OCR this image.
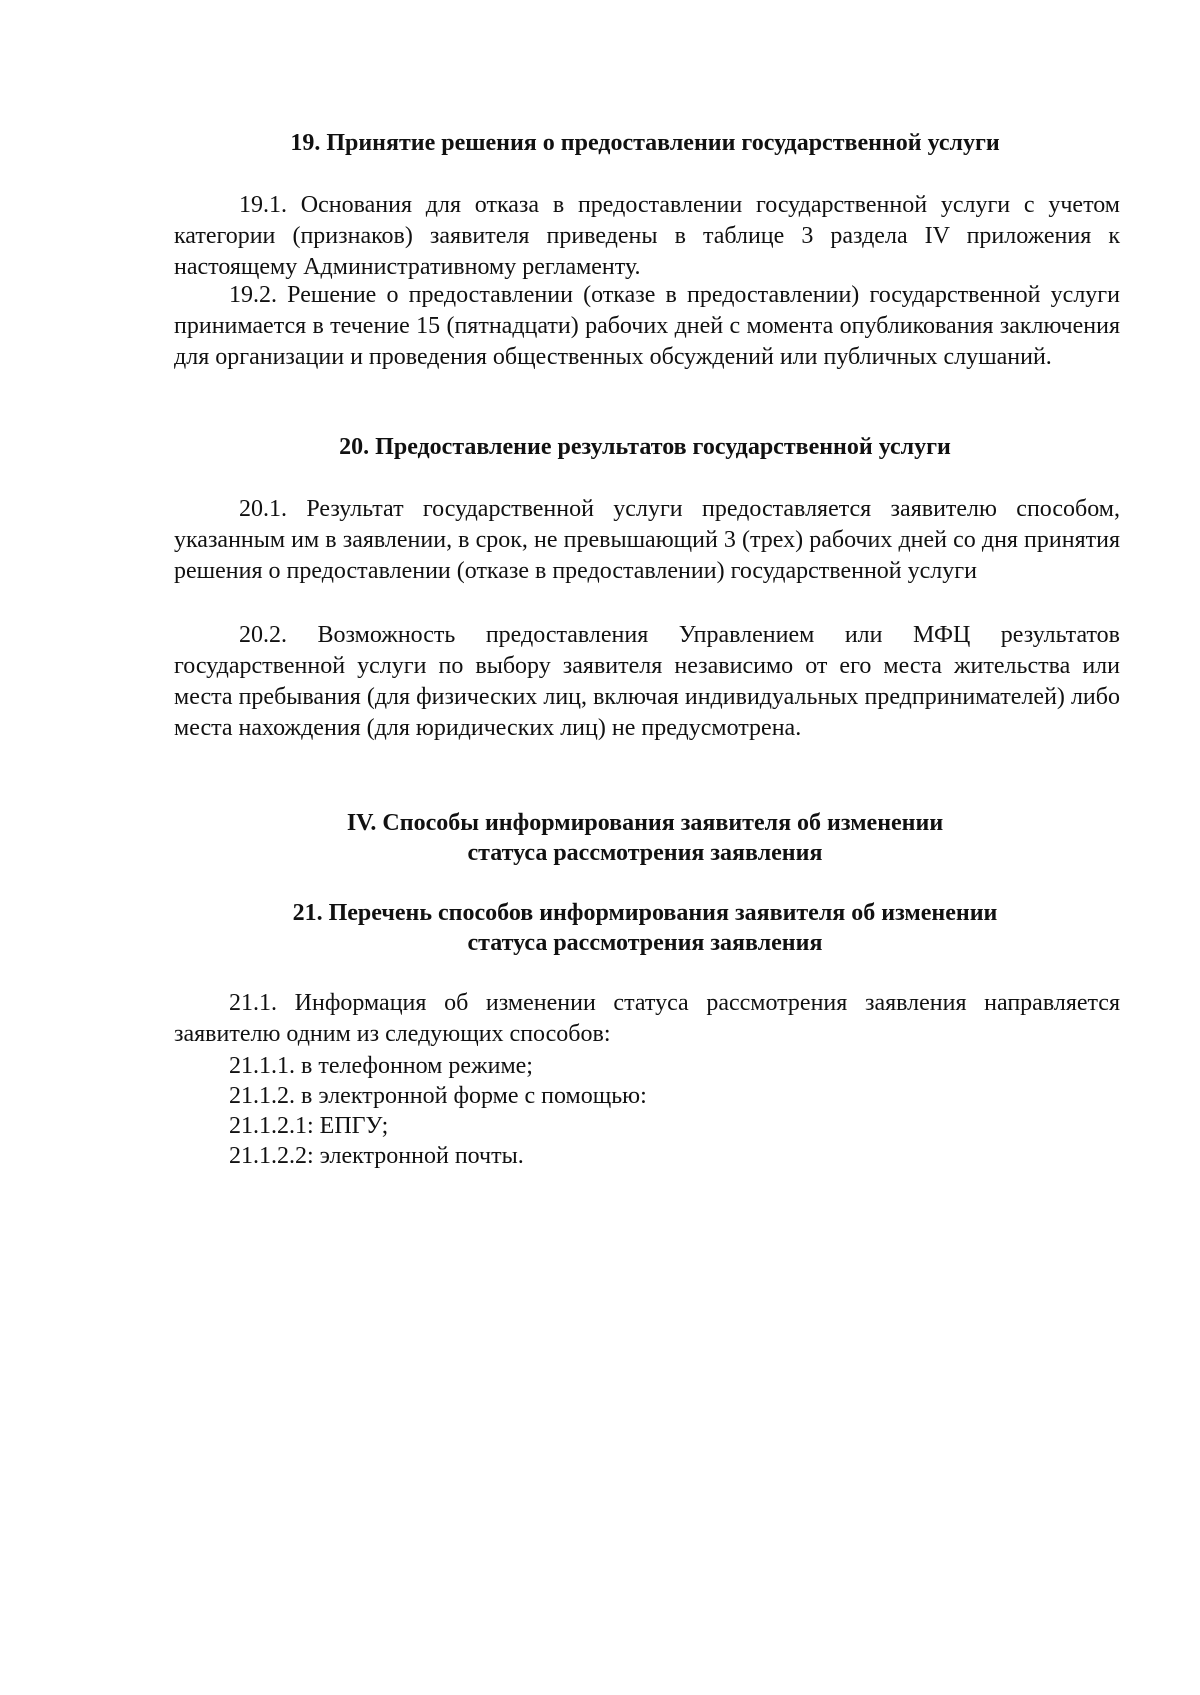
19. Принятие решения о предоставлении государственной услуги

19.1. Основания для отказа в предоставлении государственной услуги с учетом категории (признаков) заявителя приведены в таблице 3 раздела IV приложения к настоящему Административному регламенту.

19.2. Решение о предоставлении (отказе в предоставлении) государственной услуги принимается в течение 15 (пятнадцати) рабочих дней с момента опубликования заключения для организации и проведения общественных обсуждений или публичных слушаний.

20. Предоставление результатов государственной услуги

20.1. Результат государственной услуги предоставляется заявителю способом, указанным им в заявлении, в срок, не превышающий 3 (трех) рабочих дней со дня принятия решения о предоставлении (отказе в предоставлении) государственной услуги

20.2. Возможность предоставления Управлением или МФЦ результатов государственной услуги по выбору заявителя независимо от его места жительства или места пребывания (для физических лиц, включая индивидуальных предпринимателей) либо места нахождения (для юридических лиц) не предусмотрена.

IV. Способы информирования заявителя об изменении
статуса рассмотрения заявления
21. Перечень способов информирования заявителя об изменении
статуса рассмотрения заявления

21.1. Информация об изменении статуса рассмотрения заявления направляется заявителю одним из следующих способов:

21.1.1. в телефонном режиме;

21.1.2. в электронной форме с помощью:

21.1.2.1: ЕПГУ;

21.1.2.2: электронной почты.
